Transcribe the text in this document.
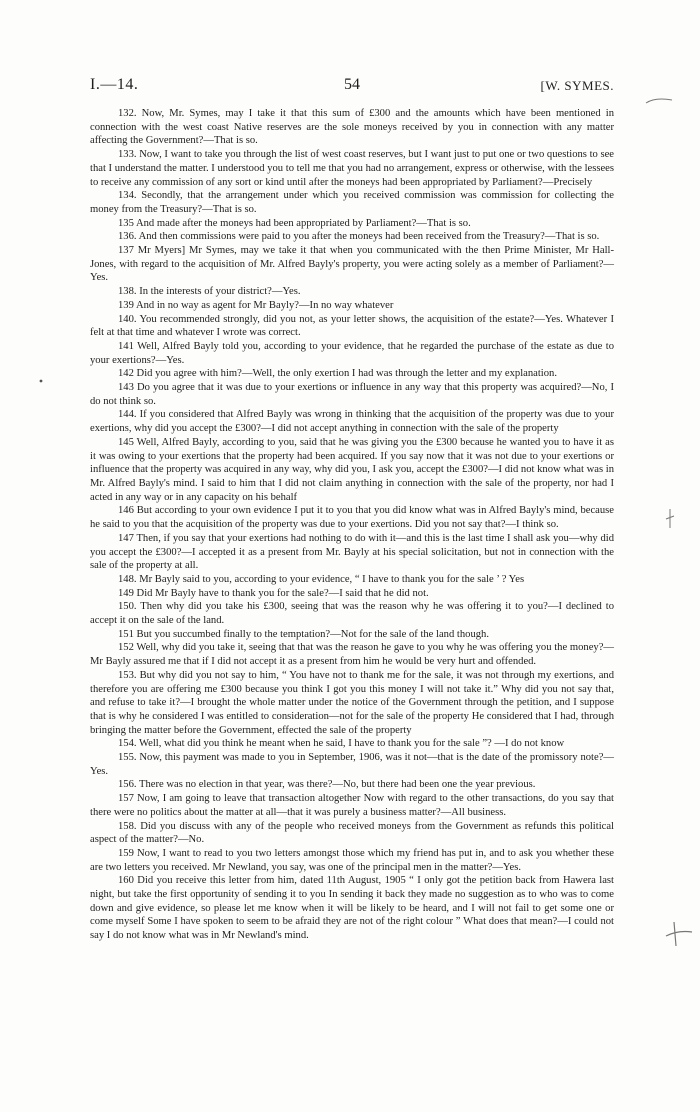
I.—14.	54	[W. SYMES.

132. Now, Mr. Symes, may I take it that this sum of £300 and the amounts which have been mentioned in connection with the west coast Native reserves are the sole moneys received by you in connection with any matter affecting the Government?—That is so.

133. Now, I want to take you through the list of west coast reserves, but I want just to put one or two questions to see that I understand the matter. I understood you to tell me that you had no arrangement, express or otherwise, with the lessees to receive any commission of any sort or kind until after the moneys had been appropriated by Parliament?—Precisely

134. Secondly, that the arrangement under which you received commission was commission for collecting the money from the Treasury?—That is so.

135 And made after the moneys had been appropriated by Parliament?—That is so.

136. And then commissions were paid to you after the moneys had been received from the Treasury?—That is so.

137 Mr Myers] Mr Symes, may we take it that when you communicated with the then Prime Minister, Mr Hall-Jones, with regard to the acquisition of Mr. Alfred Bayly's property, you were acting solely as a member of Parliament?—Yes.

138. In the interests of your district?—Yes.

139 And in no way as agent for Mr Bayly?—In no way whatever

140. You recommended strongly, did you not, as your letter shows, the acquisition of the estate?—Yes. Whatever I felt at that time and whatever I wrote was correct.

141 Well, Alfred Bayly told you, according to your evidence, that he regarded the purchase of the estate as due to your exertions?—Yes.

142 Did you agree with him?—Well, the only exertion I had was through the letter and my explanation.

143 Do you agree that it was due to your exertions or influence in any way that this property was acquired?—No, I do not think so.

144. If you considered that Alfred Bayly was wrong in thinking that the acquisition of the property was due to your exertions, why did you accept the £300?—I did not accept anything in connection with the sale of the property

145 Well, Alfred Bayly, according to you, said that he was giving you the £300 because he wanted you to have it as it was owing to your exertions that the property had been acquired. If you say now that it was not due to your exertions or influence that the property was acquired in any way, why did you, I ask you, accept the £300?—I did not know what was in Mr. Alfred Bayly's mind. I said to him that I did not claim anything in connection with the sale of the property, nor had I acted in any way or in any capacity on his behalf

146 But according to your own evidence I put it to you that you did know what was in Alfred Bayly's mind, because he said to you that the acquisition of the property was due to your exertions. Did you not say that?—I think so.

147 Then, if you say that your exertions had nothing to do with it—and this is the last time I shall ask you—why did you accept the £300?—I accepted it as a present from Mr. Bayly at his special solicitation, but not in connection with the sale of the property at all.

148. Mr Bayly said to you, according to your evidence, “ I have to thank you for the sale ’ ? Yes

149 Did Mr Bayly have to thank you for the sale?—I said that he did not.

150. Then why did you take his £300, seeing that was the reason why he was offering it to you?—I declined to accept it on the sale of the land.

151 But you succumbed finally to the temptation?—Not for the sale of the land though.

152 Well, why did you take it, seeing that that was the reason he gave to you why he was offering you the money?—Mr Bayly assured me that if I did not accept it as a present from him he would be very hurt and offended.

153. But why did you not say to him, “ You have not to thank me for the sale, it was not through my exertions, and therefore you are offering me £300 because you think I got you this money I will not take it.” Why did you not say that, and refuse to take it?—I brought the whole matter under the notice of the Government through the petition, and I suppose that is why he considered I was entitled to consideration—not for the sale of the property He considered that I had, through bringing the matter before the Government, effected the sale of the property

154. Well, what did you think he meant when he said, I have to thank you for the sale ”? —I do not know

155. Now, this payment was made to you in September, 1906, was it not—that is the date of the promissory note?—Yes.

156. There was no election in that year, was there?—No, but there had been one the year previous.

157 Now, I am going to leave that transaction altogether Now with regard to the other transactions, do you say that there were no politics about the matter at all—that it was purely a business matter?—All business.

158. Did you discuss with any of the people who received moneys from the Government as refunds this political aspect of the matter?—No.

159 Now, I want to read to you two letters amongst those which my friend has put in, and to ask you whether these are two letters you received. Mr Newland, you say, was one of the principal men in the matter?—Yes.

160 Did you receive this letter from him, dated 11th August, 1905 “ I only got the petition back from Hawera last night, but take the first opportunity of sending it to you In sending it back they made no suggestion as to who was to come down and give evidence, so please let me know when it will be likely to be heard, and I will not fail to get some one or come myself Some I have spoken to seem to be afraid they are not of the right colour ” What does that mean?—I could not say I do not know what was in Mr Newland's mind.
